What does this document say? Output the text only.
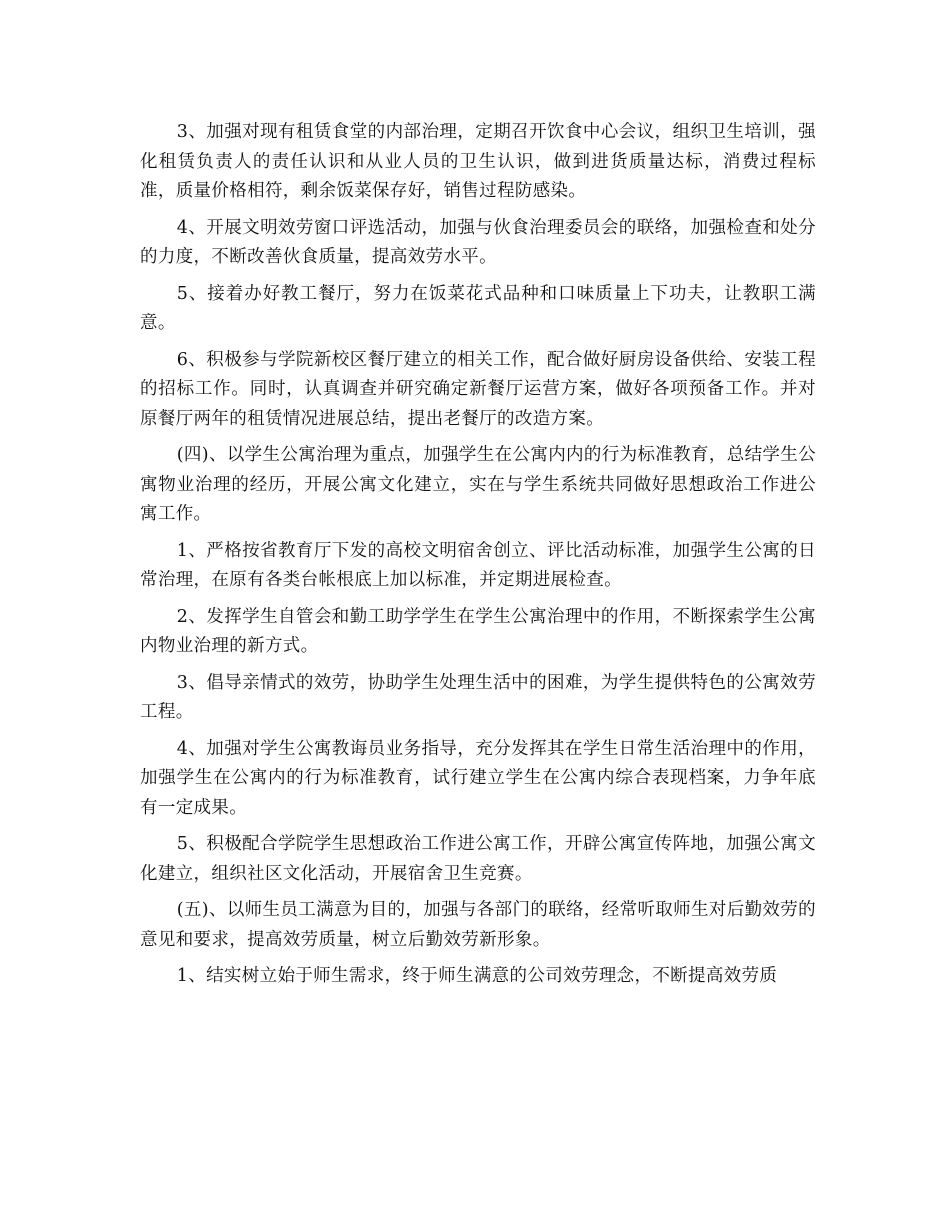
3、加强对现有租赁食堂的内部治理，定期召开饮食中心会议，组织卫生培训，强化租赁负责人的责任认识和从业人员的卫生认识，做到进货质量达标，消费过程标准，质量价格相符，剩余饭菜保存好，销售过程防感染。

4、开展文明效劳窗口评选活动，加强与伙食治理委员会的联络，加强检查和处分的力度，不断改善伙食质量，提高效劳水平。

5、接着办好教工餐厅，努力在饭菜花式品种和口味质量上下功夫，让教职工满意。

6、积极参与学院新校区餐厅建立的相关工作，配合做好厨房设备供给、安装工程的招标工作。同时，认真调查并研究确定新餐厅运营方案，做好各项预备工作。并对原餐厅两年的租赁情况进展总结，提出老餐厅的改造方案。

(四)、以学生公寓治理为重点，加强学生在公寓内内的行为标准教育，总结学生公寓物业治理的经历，开展公寓文化建立，实在与学生系统共同做好思想政治工作进公寓工作。

1、严格按省教育厅下发的高校文明宿舍创立、评比活动标准，加强学生公寓的日常治理，在原有各类台帐根底上加以标准，并定期进展检查。

2、发挥学生自管会和勤工助学学生在学生公寓治理中的作用，不断探索学生公寓内物业治理的新方式。

3、倡导亲情式的效劳，协助学生处理生活中的困难，为学生提供特色的公寓效劳工程。

4、加强对学生公寓教诲员业务指导，充分发挥其在学生日常生活治理中的作用，加强学生在公寓内的行为标准教育，试行建立学生在公寓内综合表现档案，力争年底有一定成果。

5、积极配合学院学生思想政治工作进公寓工作，开辟公寓宣传阵地，加强公寓文化建立，组织社区文化活动，开展宿舍卫生竞赛。

(五)、以师生员工满意为目的，加强与各部门的联络，经常听取师生对后勤效劳的意见和要求，提高效劳质量，树立后勤效劳新形象。

1、结实树立始于师生需求，终于师生满意的公司效劳理念，不断提高效劳质
